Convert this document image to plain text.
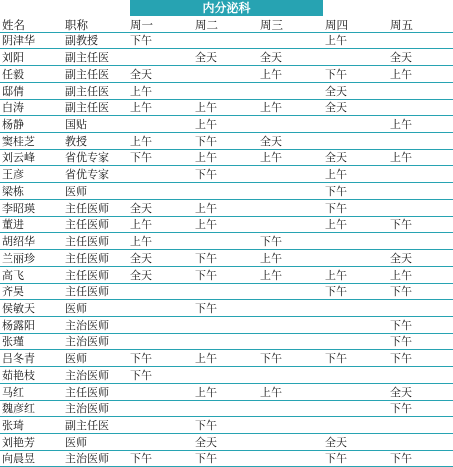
内分泌科
姓名	职称	周一	周二	周三	周四	周五
阴津华	副教授	下午			上午	
刘阳	副主任医		全天	全天		全天
任毅	副主任医	全天		上午	下午	上午
邸倩	副主任医	上午			全天	
白涛	副主任医	上午	上午	上午	全天	
杨静	国贴		上午			上午
窦桂芝	教授	上午	下午	全天		
刘云峰	省优专家	下午	上午	上午	全天	上午
王彦	省优专家		下午		上午	
梁栋	医师				下午	
李昭瑛	主任医师	全天	上午		下午	
董进	主任医师	上午	上午		上午	下午
胡绍华	主任医师	上午		下午		
兰丽珍	主任医师	全天	下午	上午		全天
高飞	主任医师	全天	下午	上午	上午	上午
齐昊	主任医师				下午	下午
侯敏天	医师		下午			
杨露阳	主治医师					下午
张瑾	主治医师					下午
吕冬青	医师	下午	上午	下午	下午	下午
茹艳枝	主治医师	下午				
马红	主任医师		上午	上午		全天
魏彦红	主治医师					下午
张琦	副主任医		下午			
刘艳芳	医师		全天		全天	
向晨昱	主治医师	下午	下午		下午	下午
